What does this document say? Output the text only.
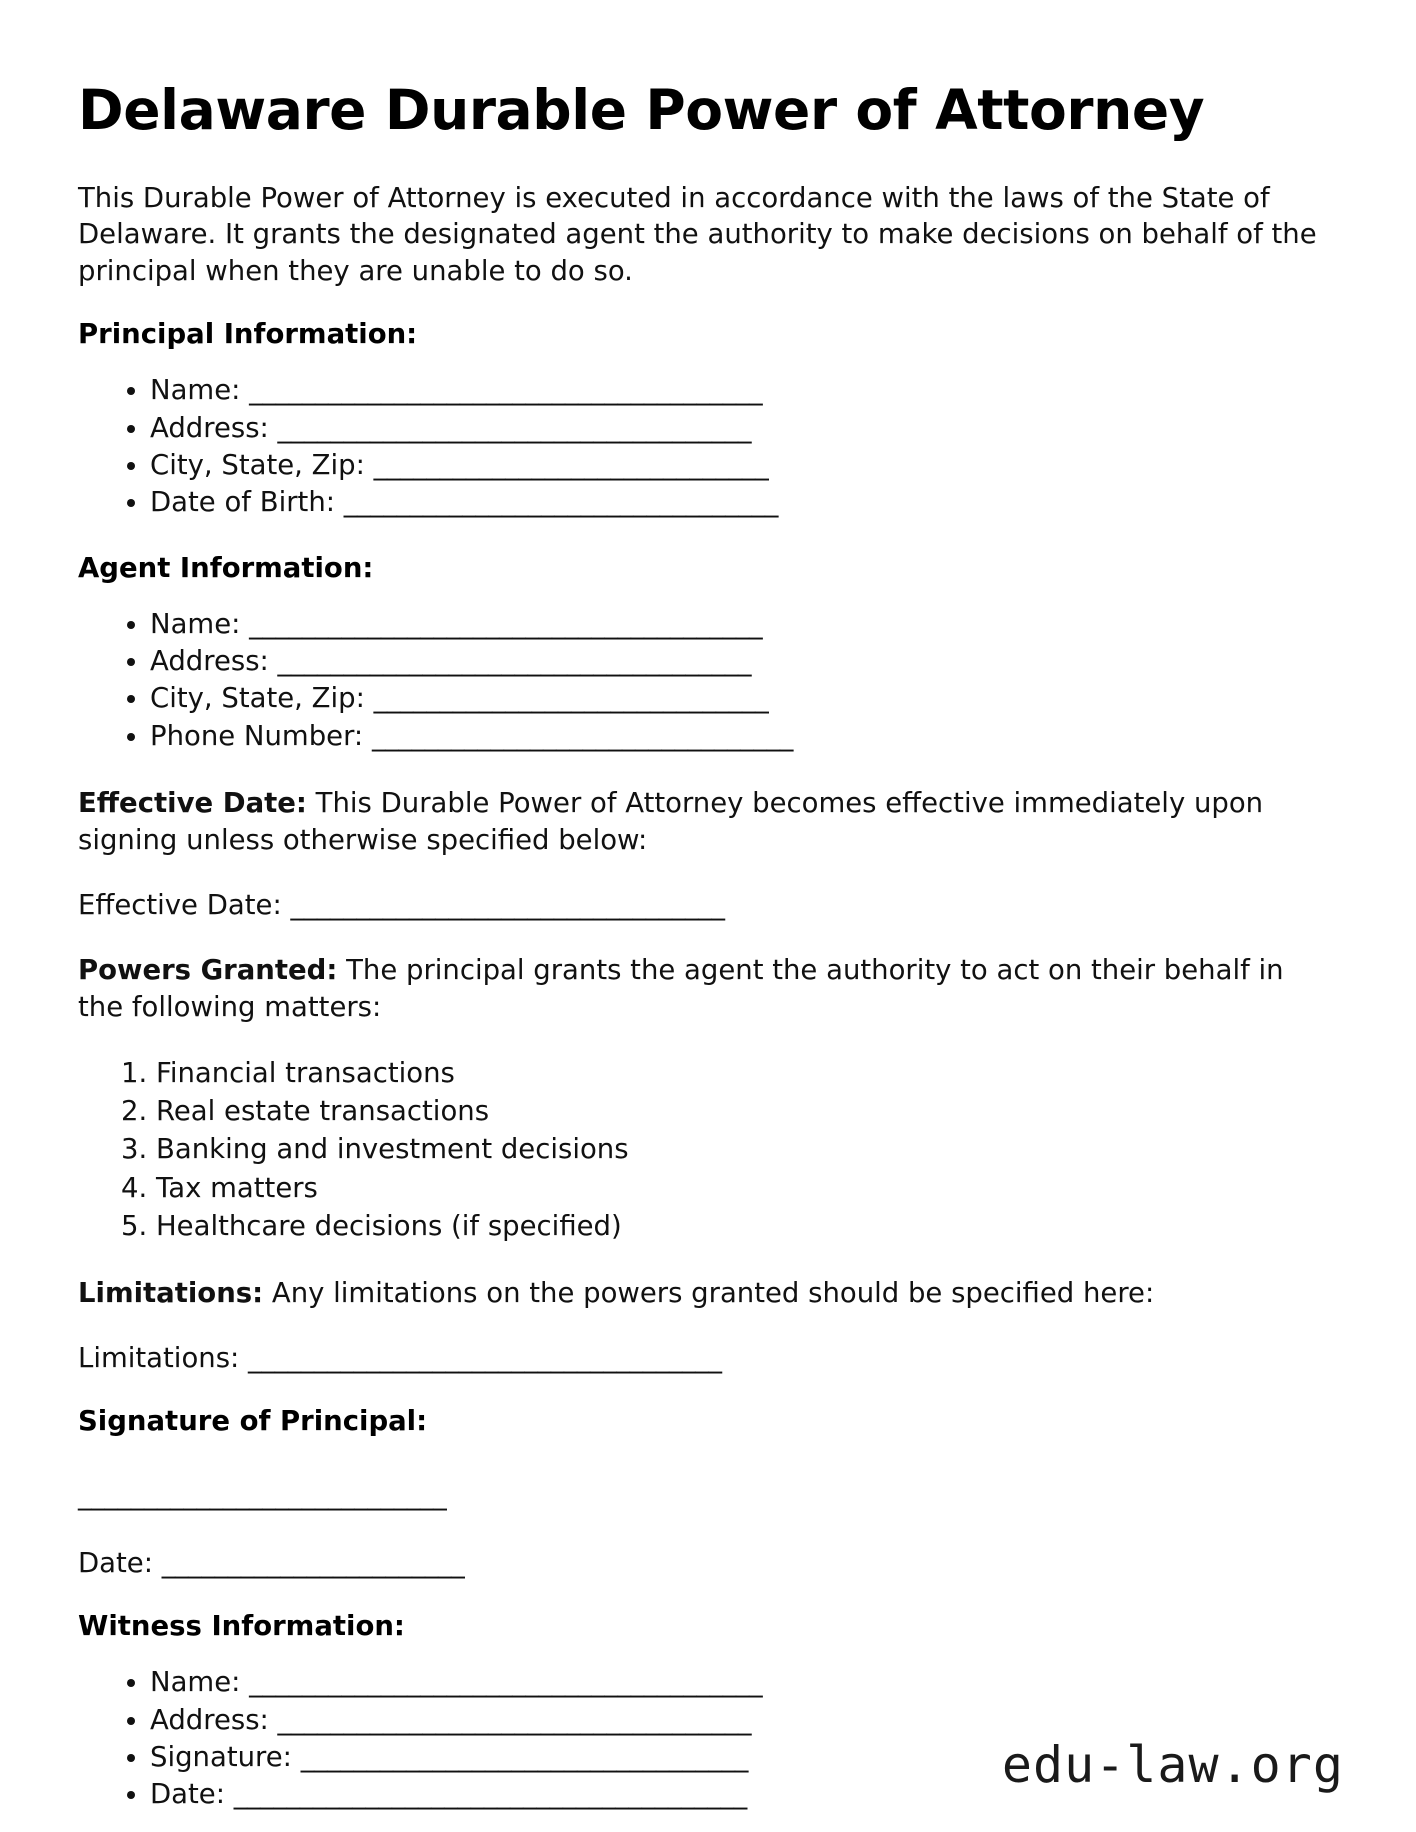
Delaware Durable Power of Attorney

This Durable Power of Attorney is executed in accordance with the laws of the State of Delaware. It grants the designated agent the authority to make decisions on behalf of the principal when they are unable to do so.

Principal Information:
• Name: _______________________________________
• Address: ____________________________________
• City, State, Zip: ______________________________
• Date of Birth: _________________________________
Agent Information:
• Name: _______________________________________
• Address: ____________________________________
• City, State, Zip: ______________________________
• Phone Number: ________________________________

Effective Date: This Durable Power of Attorney becomes effective immediately upon signing unless otherwise specified below:

Effective Date: _________________________________

Powers Granted: The principal grants the agent the authority to act on their behalf in the following matters:

1. Financial transactions
2. Real estate transactions
3. Banking and investment decisions
4. Tax matters
5. Healthcare decisions (if specified)

Limitations: Any limitations on the powers granted should be specified here:

Limitations: ____________________________________
Signature of Principal:
____________________________
Date: _______________________
Witness Information:
• Name: _______________________________________
• Address: ____________________________________
• Signature: __________________________________
• Date: _______________________________________
edu-law.org
